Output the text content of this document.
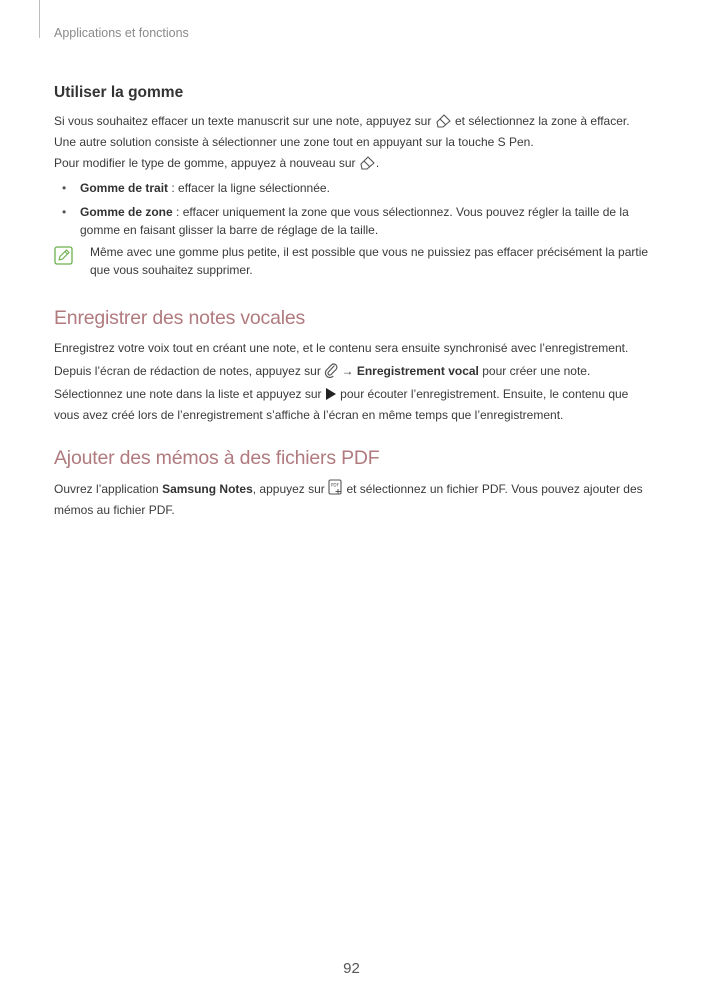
Applications et fonctions
Utiliser la gomme

Si vous souhaitez effacer un texte manuscrit sur une note, appuyez sur  et sélectionnez la zone à effacer. Une autre solution consiste à sélectionner une zone tout en appuyant sur la touche S Pen.

Pour modifier le type de gomme, appuyez à nouveau sur .

• Gomme de trait : effacer la ligne sélectionnée.
• Gomme de zone : effacer uniquement la zone que vous sélectionnez. Vous pouvez régler la taille de la gomme en faisant glisser la barre de réglage de la taille.
Même avec une gomme plus petite, il est possible que vous ne puissiez pas effacer précisément la partie que vous souhaitez supprimer.
Enregistrer des notes vocales

Enregistrez votre voix tout en créant une note, et le contenu sera ensuite synchronisé avec l’enregistrement.

Depuis l’écran de rédaction de notes, appuyez sur  → Enregistrement vocal pour créer une note.

Sélectionnez une note dans la liste et appuyez sur  pour écouter l’enregistrement. Ensuite, le contenu que vous avez créé lors de l’enregistrement s’affiche à l’écran en même temps que l’enregistrement.

Ajouter des mémos à des fichiers PDF

Ouvrez l’application Samsung Notes, appuyez sur PDF et sélectionnez un fichier PDF. Vous pouvez ajouter des mémos au fichier PDF.

92
